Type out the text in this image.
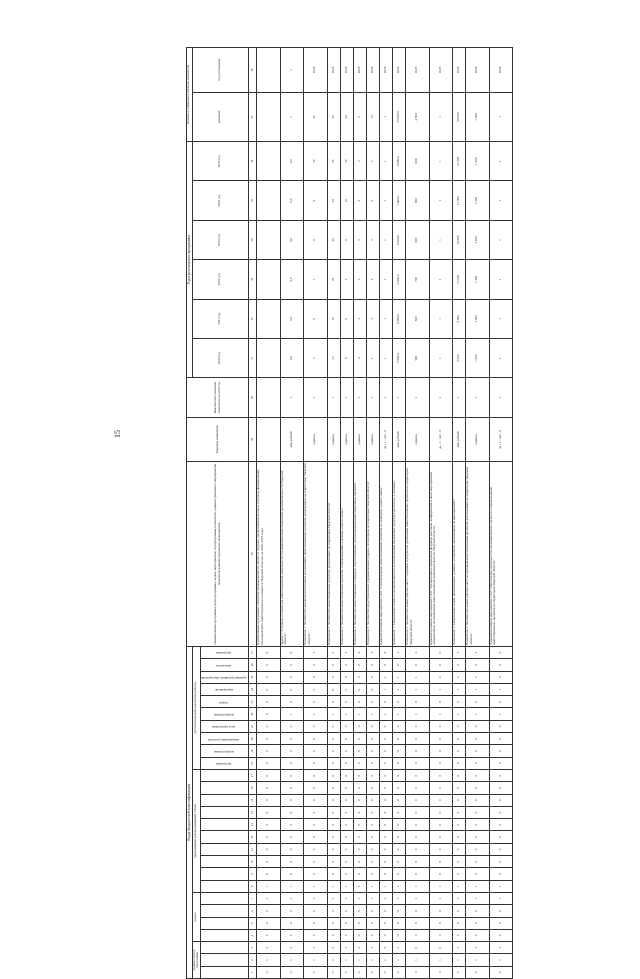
15
Коды бюджетной классификации																											Наименование программы, цели программы, задачи, мероприятия, подпрограммы, показателя, административного мероприятия, показателя административного мероприятия	Единица измерения	Фактическое значение показателя за 2019 год	Годы реализации программы						Целевое (суммарное) значение показателя	
администратор программы			раздел				программной (непрограммной) статьи										Дополнительный аналитический код													2020 год	2021 год	2022 год	2023 год	2024 год	2025 год	значение	год достижения
																	программа	подпрограмма	направление расходов	цель программы	подпрограмма	задача	мероприятие	административное мероприятие	показатель	программа											
1	2	3	4	5	6	7	8	9	10	11	12	13	14	15	16	17	18	19	20	21	22	23	24	25	26	27	28	29	30	31	32	33	34	35	36	37	38
0	1	3	0	8	0	1	1	0	0	0	0	0	0	0	0	0	0	0	0	0	0	0	0	0	0	0	Наименование программы: «Развитие промышленности, малого и среднего предпринимательства и торговли, формирование благоприятного инвестиционного климата в Тверской области» на 2020–2025 годы										
0	1	3	0	8	0	1	1	0	0	0	0	0	0	0	0	0	0	0	0	0	1	0	0	0	0	0	Задача 1 "Создание условий для инвестиционной деятельности и повышения инвестиционной привлекательности Тверской области"	млн рублей	х	0,0	0,0	0,0	0,0	0,0	0,0	х	х
0	1	3	0	8	0	1	1	0	0	0	0	0	0	0	0	0	0	0	0	0	1	0	0	0	0	1	Показатель 1 "Количество высокотехнологичных и наукоемких инвестиционных проектов, реализуемых на территории Тверской области"	единиц	х	5	6	7	8	9	10	45	2025
0	1	3	0	8	0	1	1	0	0	0	0	0	0	0	0	0	0	0	0	0	1	0	0	0	0	2	Показатель 2 "Количество инвестиционных проектов, реализуемых на территории Тверской области"	единиц	х	14	19	25	25	25	25	25	2025
0	1	3	0	8	0	1	1	0	0	0	0	0	0	0	0	0	0	0	0	0	1	0	0	0	0	3	Показатель 3 "Количество инвестиционных проектов, сопровождаемых в режиме «одного окна»"	единиц	х	8	8	9	9	10	10	54	2025
0	1	3	0	8	0	1	1	0	0	0	0	0	0	0	0	0	0	0	0	0	1	0	0	0	0	4	Показатель 4 "Количество инвестиционных площадок, подготовленных для реализации инвестиционных проектов"	единиц	х	4	3	3	3	3	3	3	2025
0	1	3	0	8	0	1	1	0	0	0	0	0	0	0	0	0	0	0	0	0	1	0	0	0	0	5	Показатель 5 "Количество индустриальных (промышленных) парков, технопарков на территории Тверской области"	единиц	х	1	2	2	2	2	2	12	2025
0	1	3	0	8	0	1	1	0	0	0	0	0	0	0	0	0	0	0	0	0	1	0	1	1	0	0	Административное мероприятие 1.001 "Сопровождение инвестиционных проектов по принципу «одного окна»"	да - 1 / нет - 0	х	1	1	1	1	1	1	1	2025
0	1	3	0	8	0	1	1	0	0	0	0	0	0	0	0	0	0	0	0	0	1	0	1	1	0	1	Показатель 1 "Объем инвестиций в основной капитал (за исключением бюджетных средств) в расчете на 1 человека"	млн рублей	х	5 000,0	6 000,0	5 000,0	6 000,0	7 000,0	8 000,0	33 000,0	2025
0	1	3	0	8	0	1	1	0	0	0	0	0	0	0	0	0	0	0	0	0	1	0	1	1	0	2	Показатель 2 "Количество новых рабочих мест, созданных в результате реализации инвестиционных проектов на территории Тверской области"	единиц	х	500	600	700	800	900	1000	4 500	2025
0	1	3	0	8	0	1	1	0	0	0	0	0	0	0	0	0	0	0	0	0	1	0	1	2	0	0	Административное мероприятие 1.002 "Организация и проведение форумов, выставок, конференций и иных мероприятий, направленных на повышение инвестиционной привлекательности Тверской области"	да - 1 / нет - 0	х	1	1	1	1	1	1	1	2025
0	1	3	0	8	0	1	1	0	0	0	0	0	0	0	0	0	0	0	0	0	1	0	1	2	0	1	Показатель 1 "Объем инвестиций, привлеченных в рамках соглашений, заключенных на мероприятиях"	млн рублей	х	9 000	9 000	10 000	10 000	11 000	21 000	60 000	2025
0	1	3	0	8	0	1	1	0	0	0	0	0	0	0	0	0	0	0	0	0	1	0	1	2	0	2	Показатель 2 "Количество новых рабочих мест по крупным инвестиционным проектам, реализуемым на территории Тверской области"	единиц	х	1 000	1 000	1 200	1 200	1 500	1 500	7 400	2025
0	1	3	0	8	0	1	1	0	0	0	0	0	0	0	0	0	0	0	0	0	1	0	1	3	0	0	Административное мероприятие 1.003 "Обеспечение деятельности уполномоченного органа по сопровождению инвестиционных проектов на территории Тверской области"	да - 1 / нет - 0	х	1	1	1	1	1	1	1	2025
